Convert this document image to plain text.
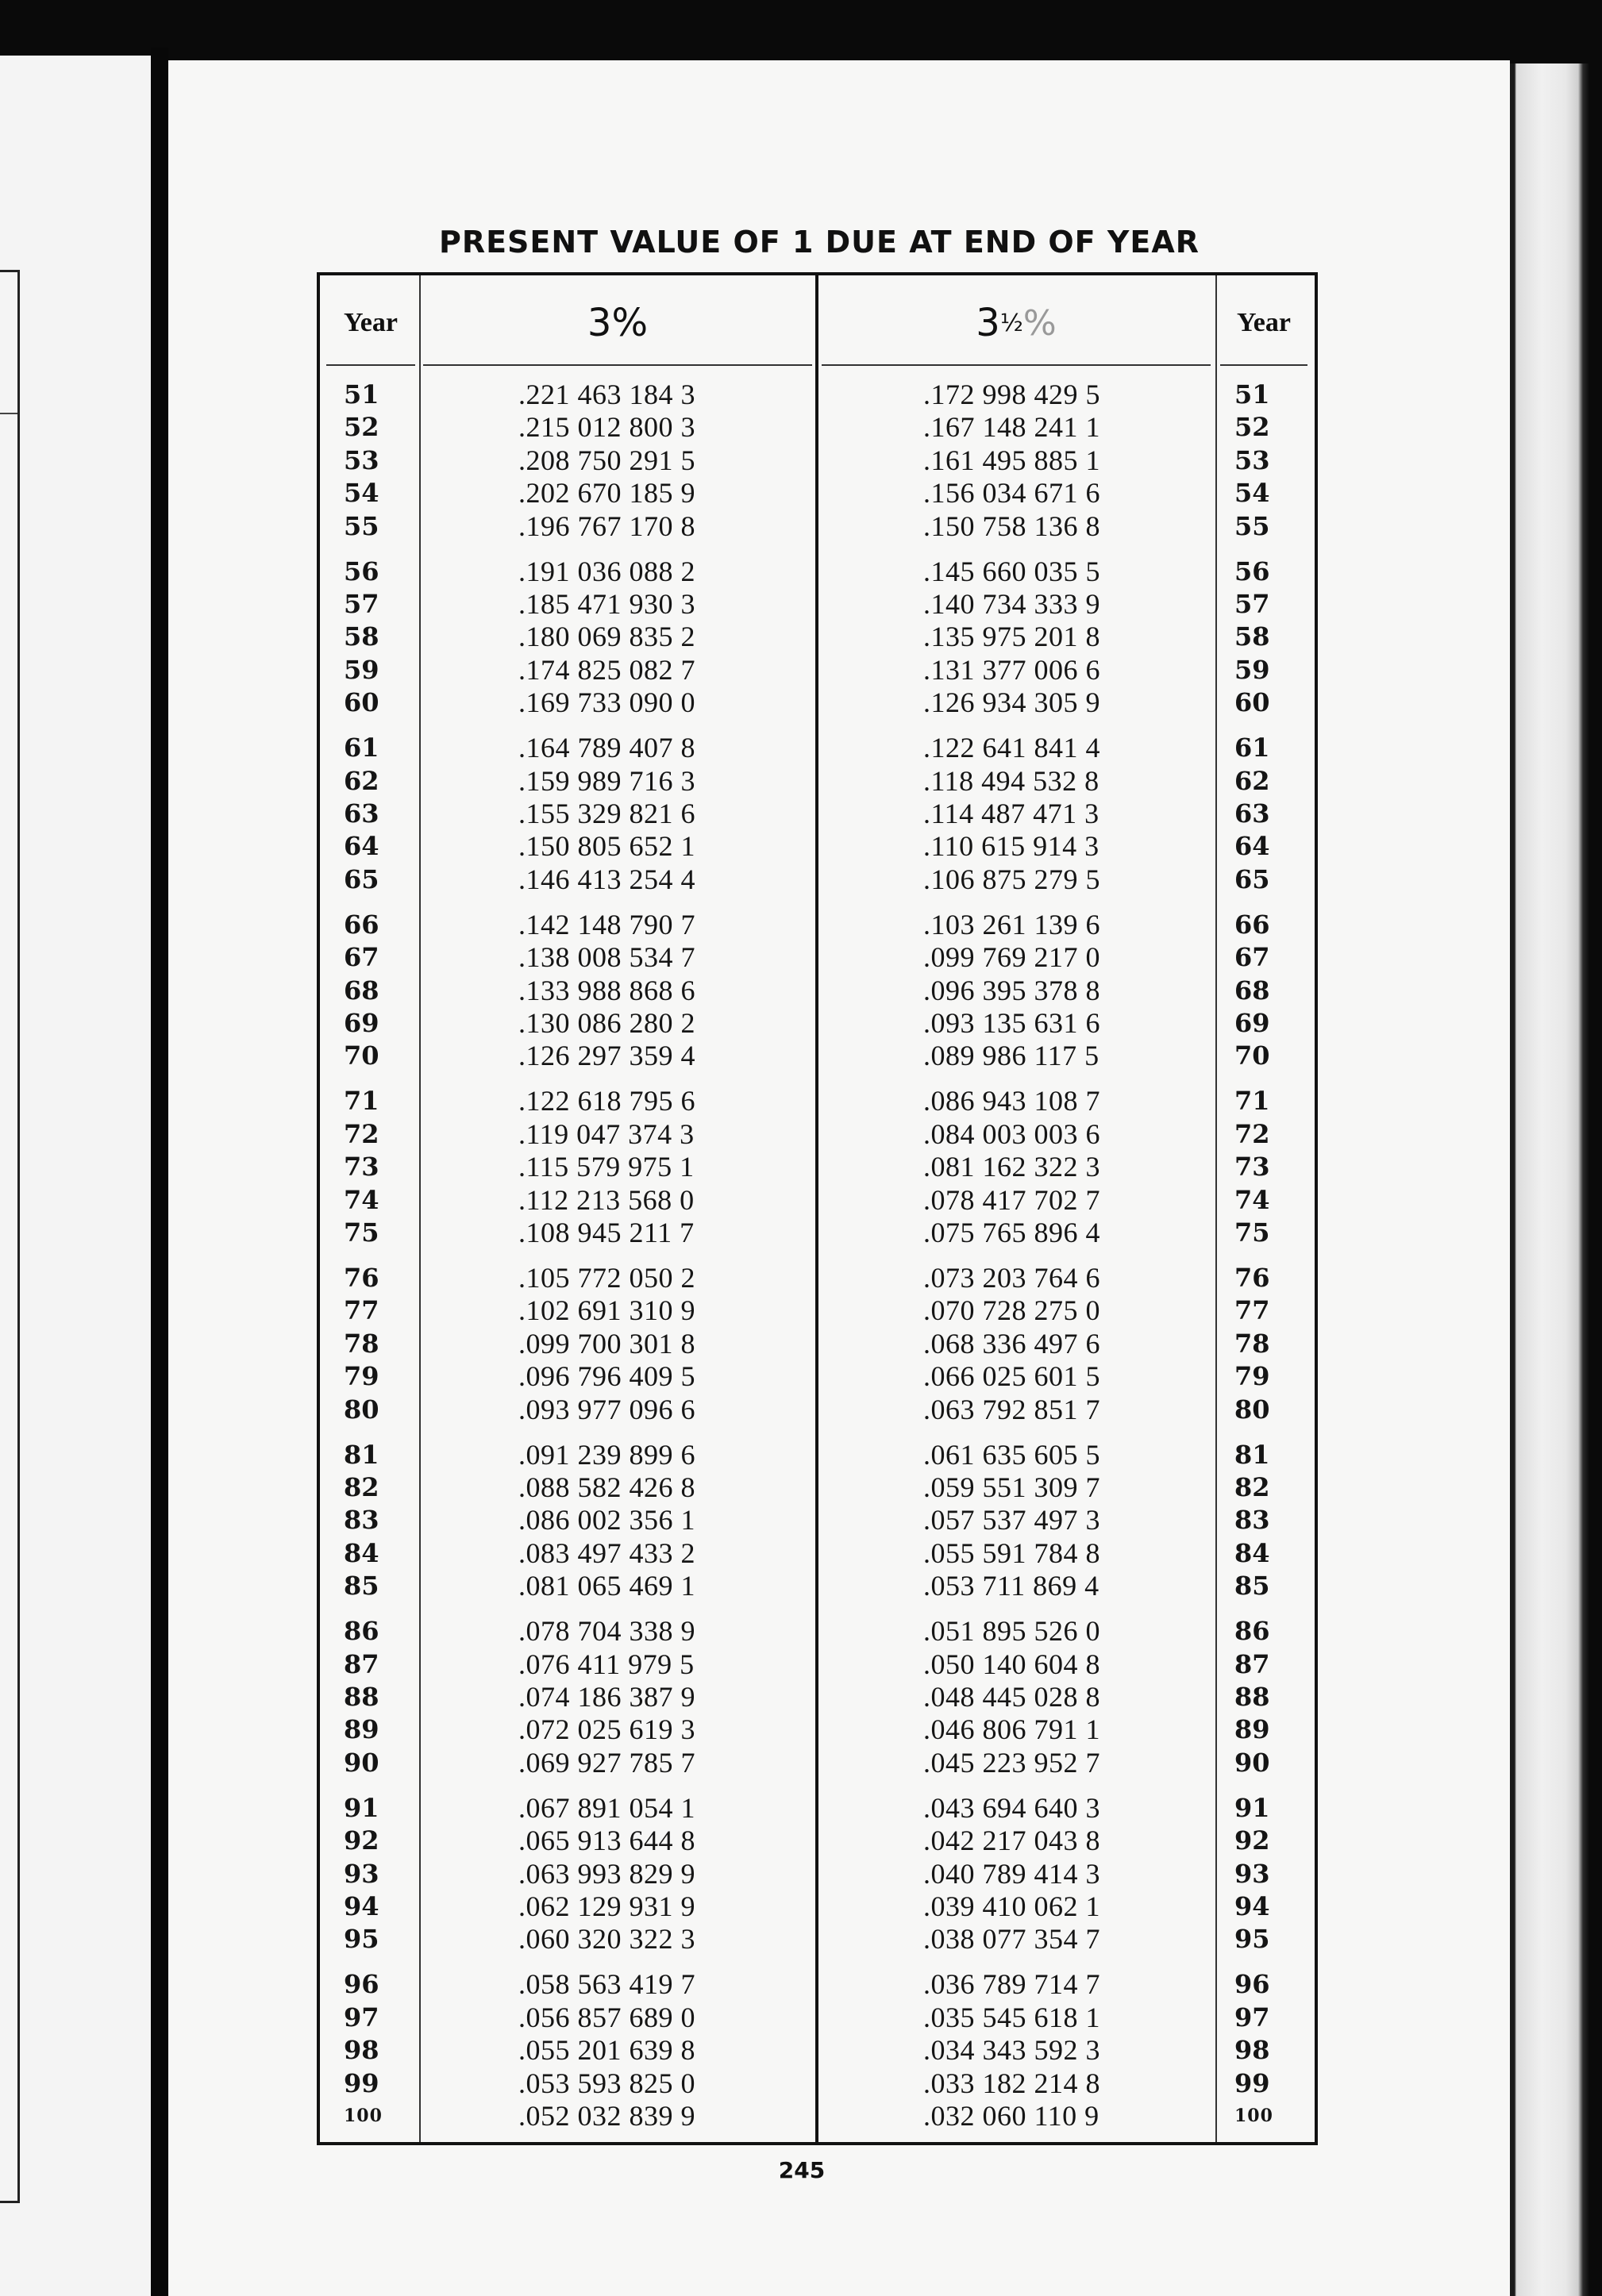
PRESENT VALUE OF 1 DUE AT END OF YEAR
Year	3%	3 ½ %	Year
51	.221 463 184 3	.172 998 429 5	51
52	.215 012 800 3	.167 148 241 1	52
53	.208 750 291 5	.161 495 885 1	53
54	.202 670 185 9	.156 034 671 6	54
55	.196 767 170 8	.150 758 136 8	55
56	.191 036 088 2	.145 660 035 5	56
57	.185 471 930 3	.140 734 333 9	57
58	.180 069 835 2	.135 975 201 8	58
59	.174 825 082 7	.131 377 006 6	59
60	.169 733 090 0	.126 934 305 9	60
61	.164 789 407 8	.122 641 841 4	61
62	.159 989 716 3	.118 494 532 8	62
63	.155 329 821 6	.114 487 471 3	63
64	.150 805 652 1	.110 615 914 3	64
65	.146 413 254 4	.106 875 279 5	65
66	.142 148 790 7	.103 261 139 6	66
67	.138 008 534 7	.099 769 217 0	67
68	.133 988 868 6	.096 395 378 8	68
69	.130 086 280 2	.093 135 631 6	69
70	.126 297 359 4	.089 986 117 5	70
71	.122 618 795 6	.086 943 108 7	71
72	.119 047 374 3	.084 003 003 6	72
73	.115 579 975 1	.081 162 322 3	73
74	.112 213 568 0	.078 417 702 7	74
75	.108 945 211 7	.075 765 896 4	75
76	.105 772 050 2	.073 203 764 6	76
77	.102 691 310 9	.070 728 275 0	77
78	.099 700 301 8	.068 336 497 6	78
79	.096 796 409 5	.066 025 601 5	79
80	.093 977 096 6	.063 792 851 7	80
81	.091 239 899 6	.061 635 605 5	81
82	.088 582 426 8	.059 551 309 7	82
83	.086 002 356 1	.057 537 497 3	83
84	.083 497 433 2	.055 591 784 8	84
85	.081 065 469 1	.053 711 869 4	85
86	.078 704 338 9	.051 895 526 0	86
87	.076 411 979 5	.050 140 604 8	87
88	.074 186 387 9	.048 445 028 8	88
89	.072 025 619 3	.046 806 791 1	89
90	.069 927 785 7	.045 223 952 7	90
91	.067 891 054 1	.043 694 640 3	91
92	.065 913 644 8	.042 217 043 8	92
93	.063 993 829 9	.040 789 414 3	93
94	.062 129 931 9	.039 410 062 1	94
95	.060 320 322 3	.038 077 354 7	95
96	.058 563 419 7	.036 789 714 7	96
97	.056 857 689 0	.035 545 618 1	97
98	.055 201 639 8	.034 343 592 3	98
99	.053 593 825 0	.033 182 214 8	99
100	.052 032 839 9	.032 060 110 9	100
245
